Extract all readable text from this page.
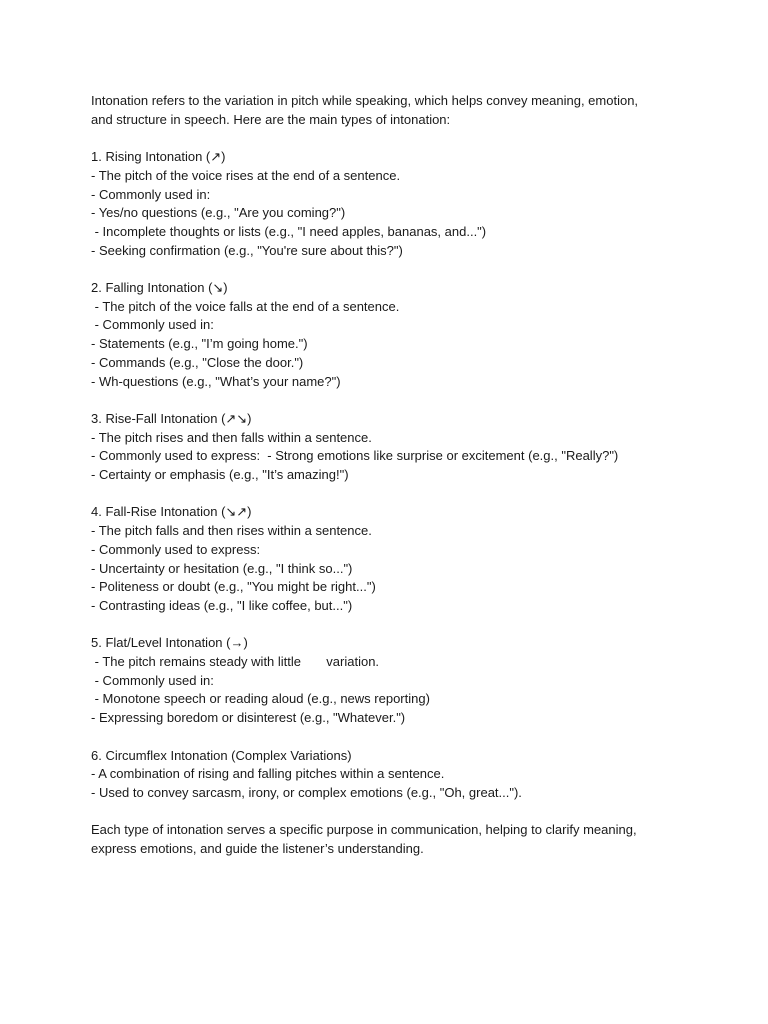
Intonation refers to the variation in pitch while speaking, which helps convey meaning, emotion,
and structure in speech. Here are the main types of intonation:
1. Rising Intonation (↗)
- The pitch of the voice rises at the end of a sentence.
- Commonly used in:
- Yes/no questions (e.g., "Are you coming?")
- Incomplete thoughts or lists (e.g., "I need apples, bananas, and...")
- Seeking confirmation (e.g., "You're sure about this?")
2. Falling Intonation (↘)
- The pitch of the voice falls at the end of a sentence.
- Commonly used in:
- Statements (e.g., "I’m going home.")
- Commands (e.g., "Close the door.")
- Wh-questions (e.g., "What’s your name?")
3. Rise-Fall Intonation (↗↘)
- The pitch rises and then falls within a sentence.
- Commonly used to express:  - Strong emotions like surprise or excitement (e.g., "Really?")
- Certainty or emphasis (e.g., "It’s amazing!")
4. Fall-Rise Intonation (↘↗)
- The pitch falls and then rises within a sentence.
- Commonly used to express:
- Uncertainty or hesitation (e.g., "I think so...")
- Politeness or doubt (e.g., "You might be right...")
- Contrasting ideas (e.g., "I like coffee, but...")
5. Flat/Level Intonation (→)
- The pitch remains steady with little       variation.
- Commonly used in:
- Monotone speech or reading aloud (e.g., news reporting)
- Expressing boredom or disinterest (e.g., "Whatever.")
6. Circumflex Intonation (Complex Variations)
- A combination of rising and falling pitches within a sentence.
- Used to convey sarcasm, irony, or complex emotions (e.g., "Oh, great...").
Each type of intonation serves a specific purpose in communication, helping to clarify meaning,
express emotions, and guide the listener’s understanding.
